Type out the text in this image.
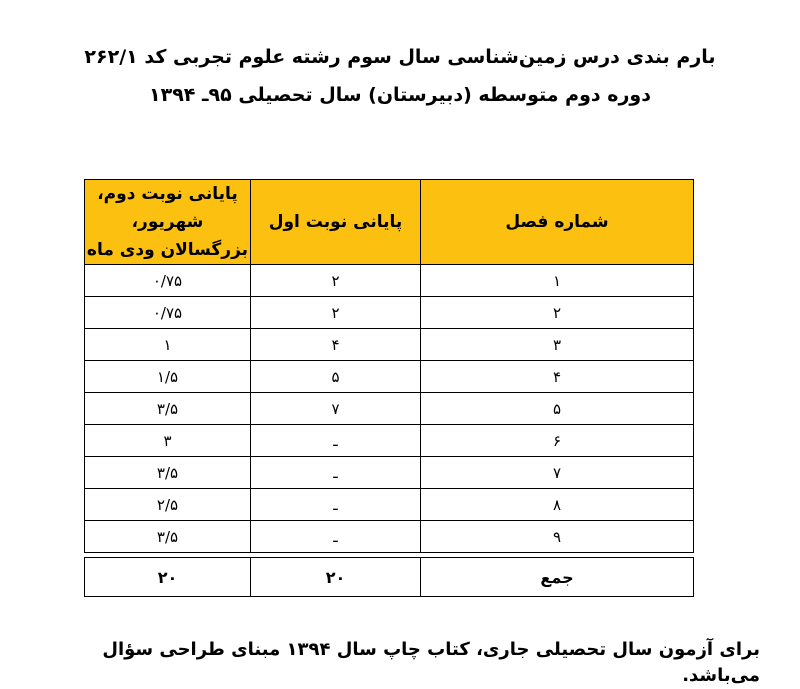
بارم بندی درس زمین‌شناسی سال سوم رشته علوم تجربی کد ۲۶۲/۱
دوره دوم متوسطه (دبیرستان) سال تحصیلی ۹۵ـ ۱۳۹۴
شماره فصل	پایانی نوبت اول	پایانی نوبت دوم، شهریور،
بزرگسالان ودی ماه
۱	۲	۰/۷۵
۲	۲	۰/۷۵
۳	۴	۱
۴	۵	۱/۵
۵	۷	۳/۵
۶	ـ	۳
۷	ـ	۳/۵
۸	ـ	۲/۵
۹	ـ	۳/۵

جمع	۲۰	۲۰
برای آزمون سال تحصیلی جاری، کتاب چاپ سال ۱۳۹۴ مبنای طراحی سؤال می‌باشد.
